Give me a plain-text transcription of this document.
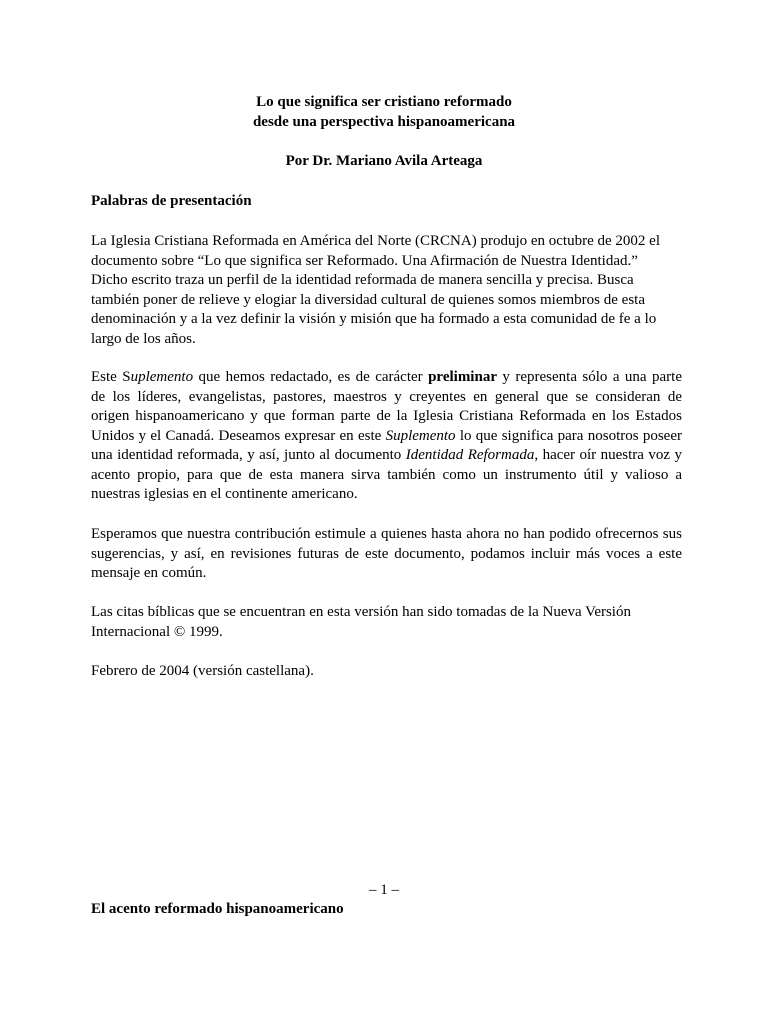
Lo que significa ser cristiano reformado
desde una perspectiva hispanoamericana
Por Dr. Mariano Avila Arteaga
Palabras de presentación
La Iglesia Cristiana Reformada en América del Norte (CRCNA) produjo en octubre de 2002 el
documento sobre “Lo que significa ser Reformado. Una Afirmación de Nuestra Identidad.”
Dicho escrito traza un perfil de la identidad reformada de manera sencilla y precisa. Busca
también poner de relieve y elogiar la diversidad cultural de quienes somos miembros de esta
denominación y a la vez definir la visión y misión que ha formado a esta comunidad de fe a lo
largo de los años.
Este Suplemento que hemos redactado, es de carácter preliminar y representa sólo a una parte
de los líderes, evangelistas, pastores, maestros y creyentes en general que se consideran de
origen hispanoamericano y que forman parte de la Iglesia Cristiana Reformada en los Estados
Unidos y el Canadá. Deseamos expresar en este Suplemento lo que significa para nosotros poseer
una identidad reformada, y así, junto al documento Identidad Reformada, hacer oír nuestra voz y
acento propio, para que de esta manera sirva también como un instrumento útil y valioso a
nuestras iglesias en el continente americano.
Esperamos que nuestra contribución estimule a quienes hasta ahora no han podido ofrecernos sus
sugerencias, y así, en revisiones futuras de este documento, podamos incluir más voces a este
mensaje en común.
Las citas bíblicas que se encuentran en esta versión han sido tomadas de la Nueva Versión
Internacional © 1999.
Febrero de 2004 (versión castellana).
– 1 –
El acento reformado hispanoamericano
